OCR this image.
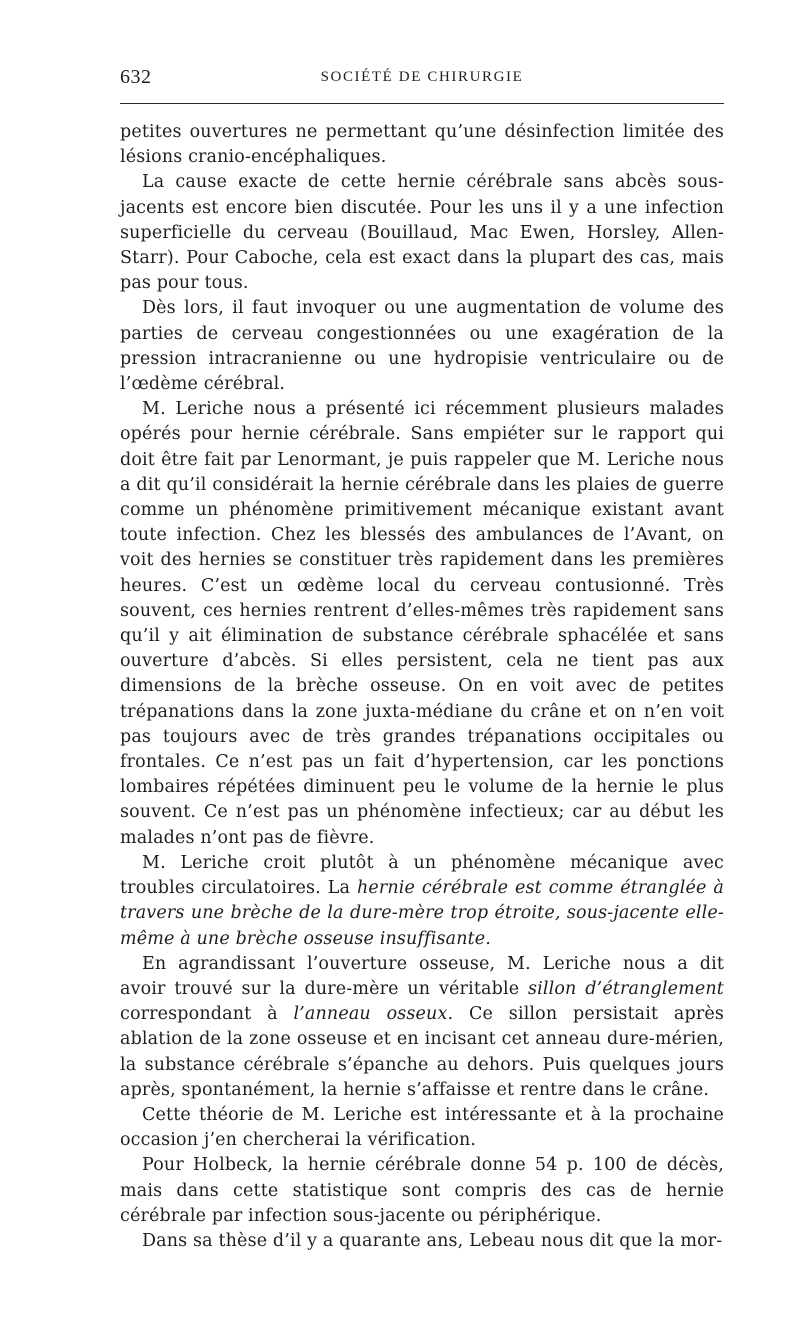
632	SOCIÉTÉ DE CHIRURGIE

petites ouvertures ne permettant qu’une désinfection limitée des lésions cranio-encéphaliques.

La cause exacte de cette hernie cérébrale sans abcès sous-jacents est encore bien discutée. Pour les uns il y a une infection superficielle du cerveau (Bouillaud, Mac Ewen, Horsley, Allen-Starr). Pour Caboche, cela est exact dans la plupart des cas, mais pas pour tous.

Dès lors, il faut invoquer ou une augmentation de volume des parties de cerveau congestionnées ou une exagération de la pression intracranienne ou une hydropisie ventriculaire ou de l’œdème cérébral.

M. Leriche nous a présenté ici récemment plusieurs malades opérés pour hernie cérébrale. Sans empiéter sur le rapport qui doit être fait par Lenormant, je puis rappeler que M. Leriche nous a dit qu’il considérait la hernie cérébrale dans les plaies de guerre comme un phénomène primitivement mécanique existant avant toute infection. Chez les blessés des ambulances de l’Avant, on voit des hernies se constituer très rapidement dans les premières heures. C’est un œdème local du cerveau contusionné. Très souvent, ces hernies rentrent d’elles-mêmes très rapidement sans qu’il y ait élimination de substance cérébrale sphacélée et sans ouverture d’abcès. Si elles persistent, cela ne tient pas aux dimensions de la brèche osseuse. On en voit avec de petites trépanations dans la zone juxta-médiane du crâne et on n’en voit pas toujours avec de très grandes trépanations occipitales ou frontales. Ce n’est pas un fait d’hypertension, car les ponctions lombaires répétées diminuent peu le volume de la hernie le plus souvent. Ce n’est pas un phénomène infectieux; car au début les malades n’ont pas de fièvre.

M. Leriche croit plutôt à un phénomène mécanique avec troubles circulatoires. La hernie cérébrale est comme étranglée à travers une brèche de la dure-mère trop étroite, sous-jacente elle-même à une brèche osseuse insuffisante.

En agrandissant l’ouverture osseuse, M. Leriche nous a dit avoir trouvé sur la dure-mère un véritable sillon d’étranglement correspondant à l’anneau osseux. Ce sillon persistait après ablation de la zone osseuse et en incisant cet anneau dure-mérien, la substance cérébrale s’épanche au dehors. Puis quelques jours après, spontanément, la hernie s’affaisse et rentre dans le crâne.

Cette théorie de M. Leriche est intéressante et à la prochaine occasion j’en chercherai la vérification.

Pour Holbeck, la hernie cérébrale donne 54 p. 100 de décès, mais dans cette statistique sont compris des cas de hernie cérébrale par infection sous-jacente ou périphérique.

Dans sa thèse d’il y a quarante ans, Lebeau nous dit que la mor-
